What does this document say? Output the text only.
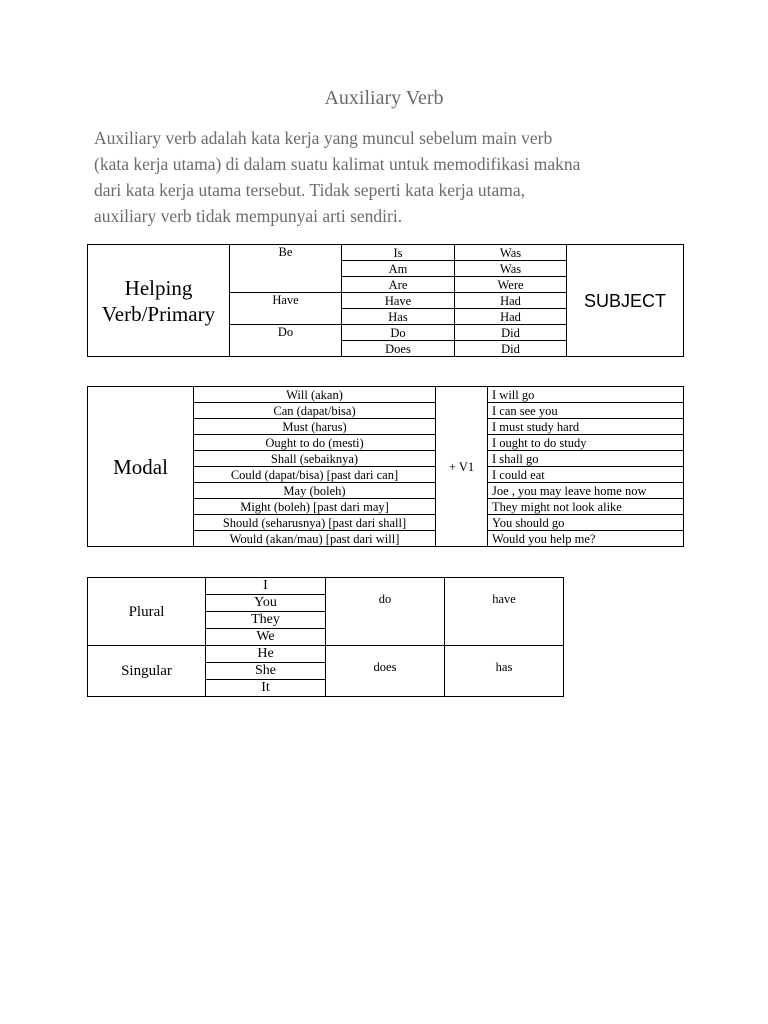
Auxiliary Verb

Auxiliary verb adalah kata kerja yang muncul sebelum main verb

(kata kerja utama) di dalam suatu kalimat untuk memodifikasi makna

dari kata kerja utama tersebut. Tidak seperti kata kerja utama,

auxiliary verb tidak mempunyai arti sendiri.

Helping
Verb/Primary	Be	Is	Was	SUBJECT
		Am	Was	
		Are	Were	
	Have	Have	Had	
		Has	Had	
	Do	Do	Did	
		Does	Did	
Modal	Will (akan)	+ V1	I will go
	Can (dapat/bisa)		I can see you
	Must (harus)		I must study hard
	Ought to do (mesti)		I ought to do study
	Shall (sebaiknya)		I shall go
	Could (dapat/bisa) [past dari can]		I could eat
	May (boleh)		Joe , you may leave home now
	Might (boleh) [past dari may]		They might not look alike
	Should (seharusnya) [past dari shall]		You should go
	Would (akan/mau) [past dari will]		Would you help me?
Plural	I	do	have
	You		
	They		
	We		
Singular	He	does	has
	She		
	It		
